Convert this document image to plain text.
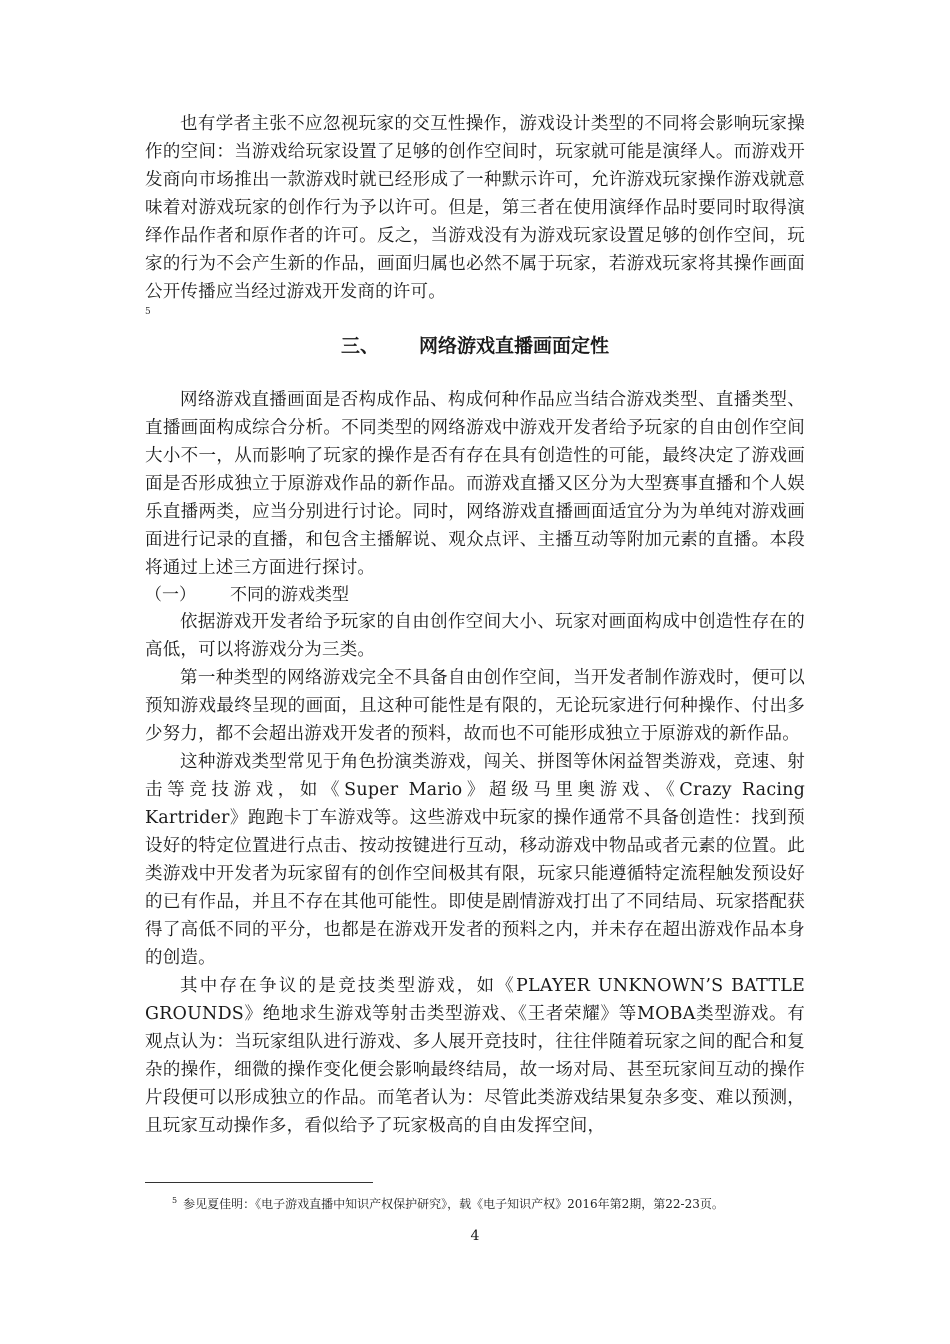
也有学者主张不应忽视玩家的交互性操作，游戏设计类型的不同将会影响玩家操作的空间：当游戏给玩家设置了足够的创作空间时，玩家就可能是演绎人。而游戏开发商向市场推出一款游戏时就已经形成了一种默示许可，允许游戏玩家操作游戏就意味着对游戏玩家的创作行为予以许可。但是，第三者在使用演绎作品时要同时取得演绎作品作者和原作者的许可。反之，当游戏没有为游戏玩家设置足够的创作空间，玩家的行为不会产生新的作品，画面归属也必然不属于玩家，若游戏玩家将其操作画面公开传播应当经过游戏开发商的许可。

5
三、 网络游戏直播画面定性

网络游戏直播画面是否构成作品、构成何种作品应当结合游戏类型、直播类型、直播画面构成综合分析。不同类型的网络游戏中游戏开发者给予玩家的自由创作空间大小不一，从而影响了玩家的操作是否有存在具有创造性的可能，最终决定了游戏画面是否形成独立于原游戏作品的新作品。而游戏直播又区分为大型赛事直播和个人娱乐直播两类，应当分别进行讨论。同时，网络游戏直播画面适宜分为为单纯对游戏画面进行记录的直播，和包含主播解说、观众点评、主播互动等附加元素的直播。本段将通过上述三方面进行探讨。

（一） 不同的游戏类型

依据游戏开发者给予玩家的自由创作空间大小、玩家对画面构成中创造性存在的高低，可以将游戏分为三类。

第一种类型的网络游戏完全不具备自由创作空间，当开发者制作游戏时，便可以预知游戏最终呈现的画面，且这种可能性是有限的，无论玩家进行何种操作、付出多少努力，都不会超出游戏开发者的预料，故而也不可能形成独立于原游戏的新作品。

这种游戏类型常见于角色扮演类游戏，闯关、拼图等休闲益智类游戏，竞速、射击等竞技游戏，如《Super Mario》超级马里奥游戏、《Crazy Racing Kartrider》跑跑卡丁车游戏等。这些游戏中玩家的操作通常不具备创造性：找到预设好的特定位置进行点击、按动按键进行互动，移动游戏中物品或者元素的位置。此类游戏中开发者为玩家留有的创作空间极其有限，玩家只能遵循特定流程触发预设好的已有作品，并且不存在其他可能性。即使是剧情游戏打出了不同结局、玩家搭配获得了高低不同的平分，也都是在游戏开发者的预料之内，并未存在超出游戏作品本身的创造。

其中存在争议的是竞技类型游戏，如《PLAYER UNKNOWN’S BATTLE GROUNDS》绝地求生游戏等射击类型游戏、《王者荣耀》等MOBA类型游戏。有观点认为：当玩家组队进行游戏、多人展开竞技时，往往伴随着玩家之间的配合和复杂的操作，细微的操作变化便会影响最终结局，故一场对局、甚至玩家间互动的操作片段便可以形成独立的作品。而笔者认为：尽管此类游戏结果复杂多变、难以预测，且玩家互动操作多，看似给予了玩家极高的自由发挥空间，

$^5$ 参见夏佳明：《电子游戏直播中知识产权保护研究》，载《电子知识产权》2016年第2期，第22-23页。
4
